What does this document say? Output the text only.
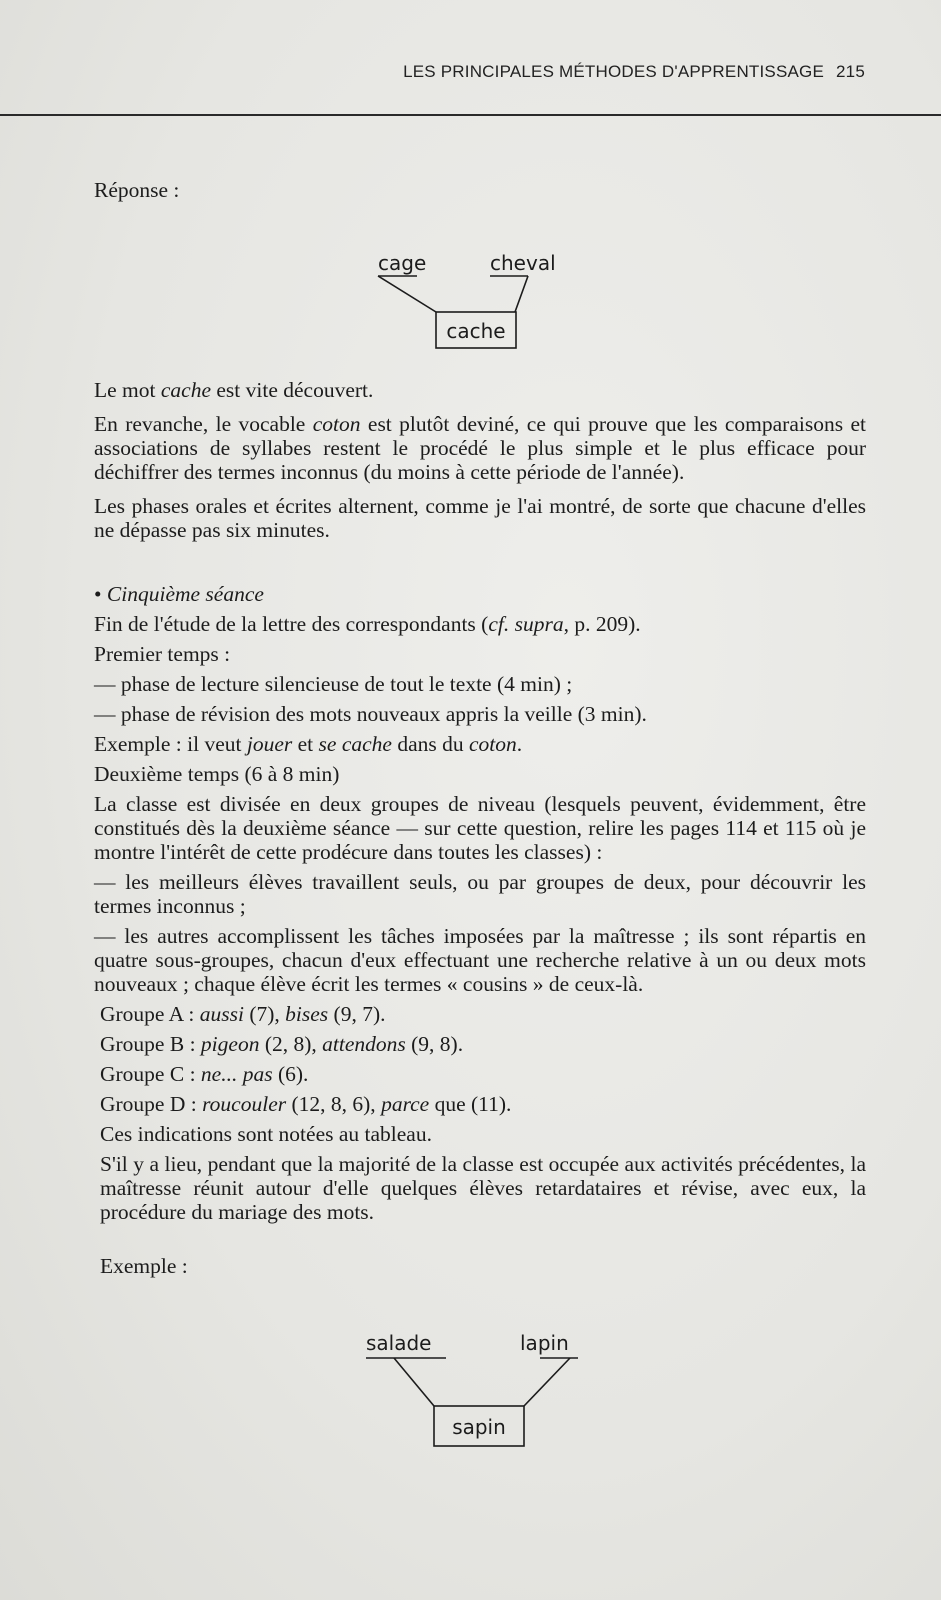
LES PRINCIPALES MÉTHODES D'APPRENTISSAGE 215

Réponse :

cage	cheval
cache

Le mot cache est vite découvert.

En revanche, le vocable coton est plutôt deviné, ce qui prouve que les comparaisons et associations de syllabes restent le procédé le plus simple et le plus efficace pour déchiffrer des termes inconnus (du moins à cette période de l'année).

Les phases orales et écrites alternent, comme je l'ai montré, de sorte que chacune d'elles ne dépasse pas six minutes.

• Cinquième séance

Fin de l'étude de la lettre des correspondants (cf. supra, p. 209).

Premier temps :

— phase de lecture silencieuse de tout le texte (4 min) ;

— phase de révision des mots nouveaux appris la veille (3 min).

Exemple : il veut jouer et se cache dans du coton.

Deuxième temps (6 à 8 min)

La classe est divisée en deux groupes de niveau (lesquels peuvent, évidemment, être constitués dès la deuxième séance — sur cette question, relire les pages 114 et 115 où je montre l'intérêt de cette prodécure dans toutes les classes) :

— les meilleurs élèves travaillent seuls, ou par groupes de deux, pour découvrir les termes inconnus ;

— les autres accomplissent les tâches imposées par la maîtresse ; ils sont répartis en quatre sous-groupes, chacun d'eux effectuant une recherche relative à un ou deux mots nouveaux ; chaque élève écrit les termes « cousins » de ceux-là.

Groupe A : aussi (7), bises (9, 7).

Groupe B : pigeon (2, 8), attendons (9, 8).

Groupe C : ne... pas (6).

Groupe D : roucouler (12, 8, 6), parce que (11).

Ces indications sont notées au tableau.

S'il y a lieu, pendant que la majorité de la classe est occupée aux activités précédentes, la maîtresse réunit autour d'elle quelques élèves retardataires et révise, avec eux, la procédure du mariage des mots.

Exemple :

salade	lapin
sapin
